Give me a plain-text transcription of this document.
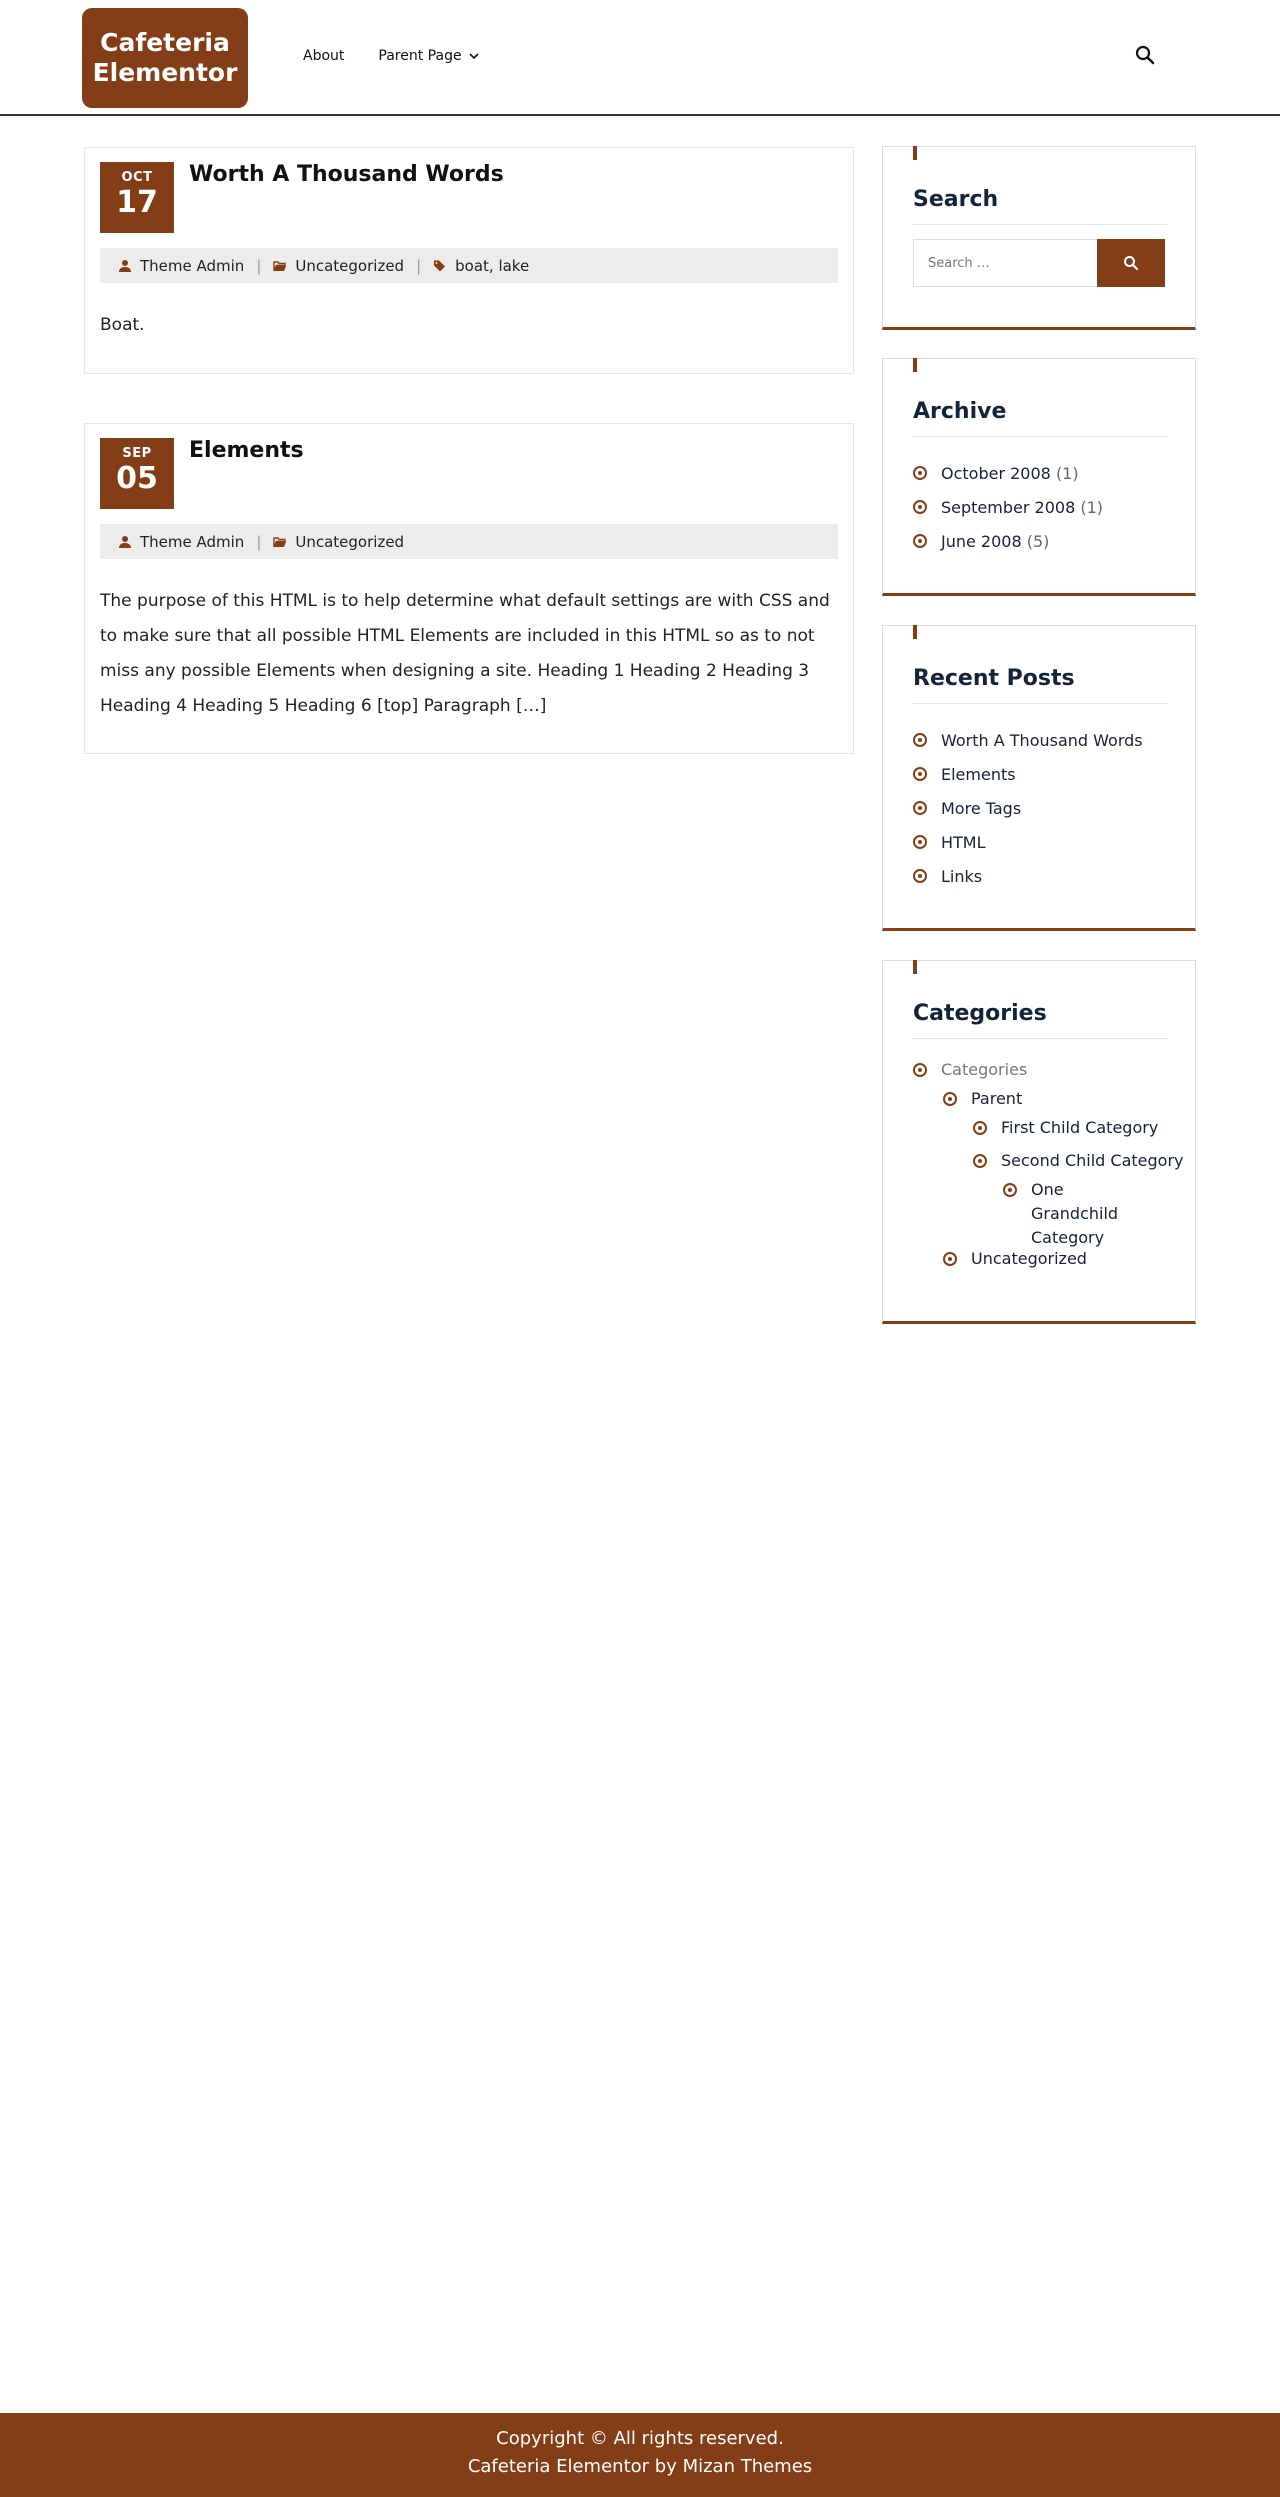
Cafeteria
Elementor
About Parent Page
OCT
17
Worth A Thousand Words
Theme Admin | Uncategorized | boat, lake

Boat.

SEP
05
Elements
Theme Admin | Uncategorized

The purpose of this HTML is to help determine what default settings are with CSS and to make sure that all possible HTML Elements are included in this HTML so as to not miss any possible Elements when designing a site. Heading 1 Heading 2 Heading 3 Heading 4 Heading 5 Heading 6 [top] Paragraph […]

Search
Search …
Archive
October 2008 (1)
September 2008 (1)
June 2008 (5)
Recent Posts
Worth A Thousand Words
Elements
More Tags
HTML
Links
Categories
Categories
Parent
First Child Category
Second Child Category
One Grandchild Category
Uncategorized
Copyright © All rights reserved.
Cafeteria Elementor by Mizan Themes
